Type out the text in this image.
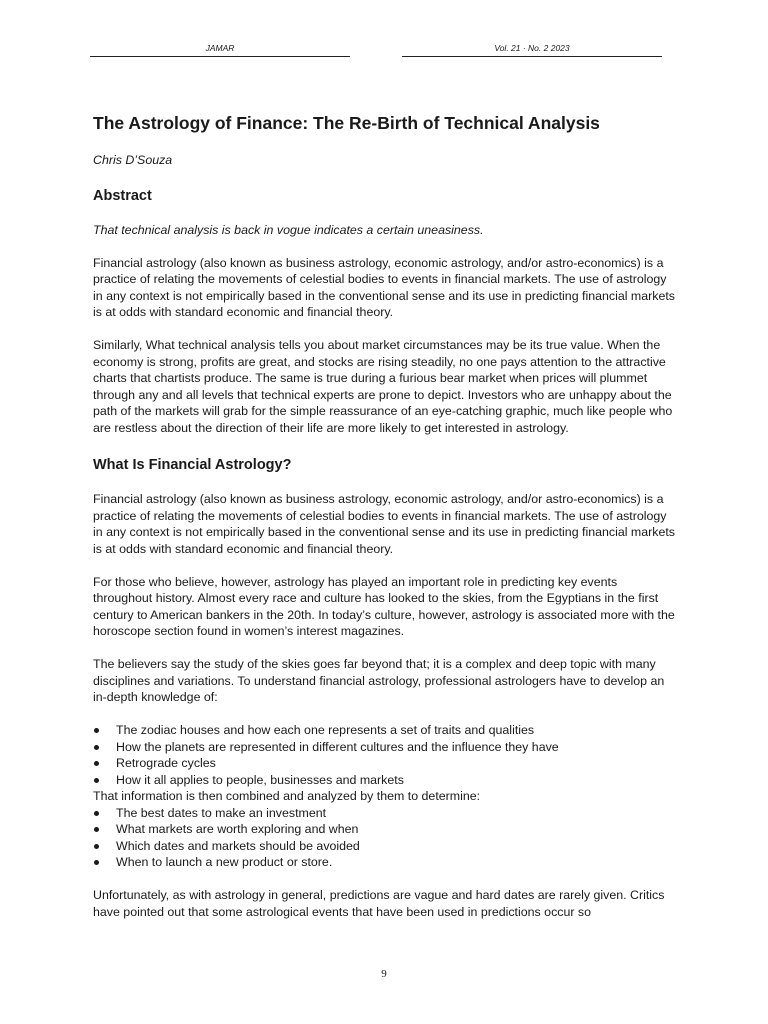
JAMAR	Vol. 21 · No. 2 2023
The Astrology of Finance: The Re-Birth of Technical Analysis
Chris D’Souza
Abstract

That technical analysis is back in vogue indicates a certain uneasiness.

Financial astrology (also known as business astrology, economic astrology, and/or astro-economics) is a practice of relating the movements of celestial bodies to events in financial markets. The use of astrology in any context is not empirically based in the conventional sense and its use in predicting financial markets is at odds with standard economic and financial theory.

Similarly, What technical analysis tells you about market circumstances may be its true value. When the economy is strong, profits are great, and stocks are rising steadily, no one pays attention to the attractive charts that chartists produce. The same is true during a furious bear market when prices will plummet through any and all levels that technical experts are prone to depict. Investors who are unhappy about the path of the markets will grab for the simple reassurance of an eye-catching graphic, much like people who are restless about the direction of their life are more likely to get interested in astrology.

What Is Financial Astrology?

Financial astrology (also known as business astrology, economic astrology, and/or astro-economics) is a practice of relating the movements of celestial bodies to events in financial markets. The use of astrology in any context is not empirically based in the conventional sense and its use in predicting financial markets is at odds with standard economic and financial theory.

For those who believe, however, astrology has played an important role in predicting key events throughout history. Almost every race and culture has looked to the skies, from the Egyptians in the first century to American bankers in the 20th. In today’s culture, however, astrology is associated more with the horoscope section found in women’s interest magazines.

The believers say the study of the skies goes far beyond that; it is a complex and deep topic with many disciplines and variations. To understand financial astrology, professional astrologers have to develop an in-depth knowledge of:

The zodiac houses and how each one represents a set of traits and qualities
How the planets are represented in different cultures and the influence they have
Retrograde cycles
How it all applies to people, businesses and markets

That information is then combined and analyzed by them to determine:

The best dates to make an investment
What markets are worth exploring and when
Which dates and markets should be avoided
When to launch a new product or store.

Unfortunately, as with astrology in general, predictions are vague and hard dates are rarely given. Critics have pointed out that some astrological events that have been used in predictions occur so

9
